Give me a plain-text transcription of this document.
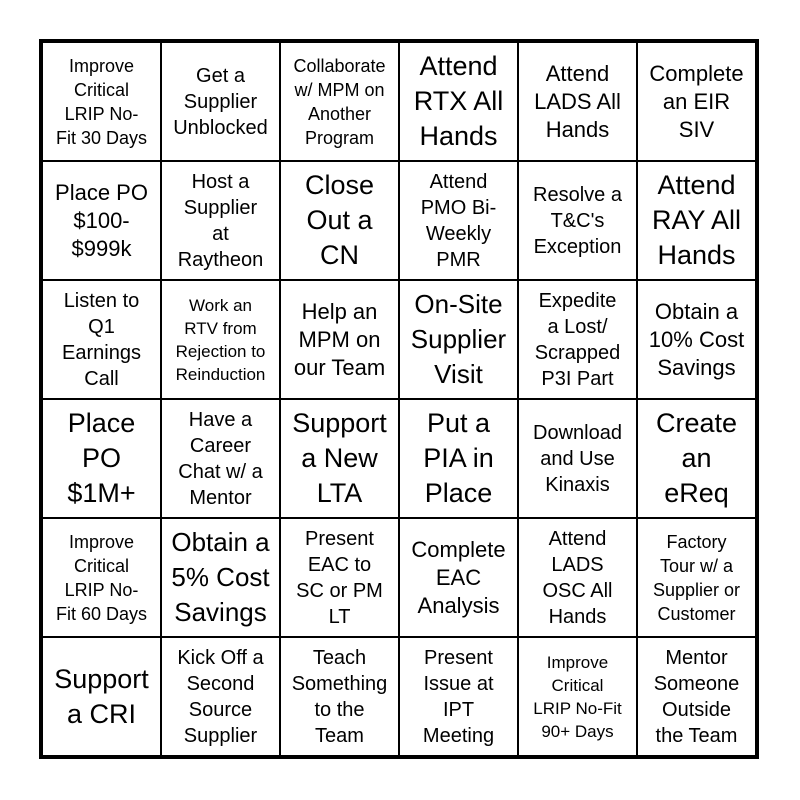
Improve
Critical
LRIP No-
Fit 30 Days
Get a
Supplier
Unblocked
Collaborate
w/ MPM on
Another
Program
Attend
RTX All
Hands
Attend
LADS All
Hands
Complete
an EIR
SIV
Place PO
$100-
$999k
Host a
Supplier
at
Raytheon
Close
Out a
CN
Attend
PMO Bi-
Weekly
PMR
Resolve a
T&C's
Exception
Attend
RAY All
Hands
Listen to
Q1
Earnings
Call
Work an
RTV from
Rejection to
Reinduction
Help an
MPM on
our Team
On-Site
Supplier
Visit
Expedite
a Lost/
Scrapped
P3I Part
Obtain a
10% Cost
Savings
Place
PO
$1M+
Have a
Career
Chat w/ a
Mentor
Support
a New
LTA
Put a
PIA in
Place
Download
and Use
Kinaxis
Create
an
eReq
Improve
Critical
LRIP No-
Fit 60 Days
Obtain a
5% Cost
Savings
Present
EAC to
SC or PM
LT
Complete
EAC
Analysis
Attend
LADS
OSC All
Hands
Factory
Tour w/ a
Supplier or
Customer
Support
a CRI
Kick Off a
Second
Source
Supplier
Teach
Something
to the
Team
Present
Issue at
IPT
Meeting
Improve
Critical
LRIP No-Fit
90+ Days
Mentor
Someone
Outside
the Team
